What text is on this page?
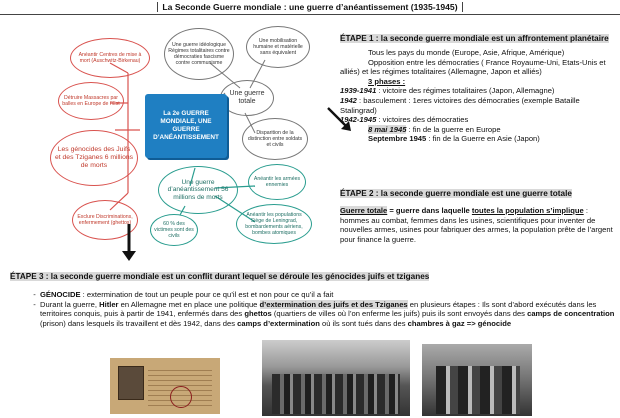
La Seconde Guerre mondiale : une guerre d’anéantissement (1935-1945)
Anéantir Centres de mise à mort (Auschwitz-Birkenau)
Détruire Massacres par balles en Europe de l’Est
Les génocides des Juifs et des Tziganes 6 millions de morts
Exclure Discriminations, enfermement (ghettos)
Une guerre idéologique Régimes totalitaires contre démocraties fascisme contre communisme
Une mobilisation humaine et matérielle sans équivalent
Une guerre totale
Disparition de la distinction entre soldats et civils
La 2e GUERRE MONDIALE, UNE GUERRE D’ANÉANTISSEMENT
Une guerre d’anéantissement 56 millions de morts
Anéantir les armées ennemies
Anéantir les populations Siège de Leningrad, bombardements aériens, bombes atomiques
60 % des victimes sont des civils
ÉTAPE 1 : la seconde guerre mondiale est un affrontement planétaire
Tous les pays du monde (Europe, Asie, Afrique, Amérique)
Opposition entre les démocraties ( France Royaume-Uni, Etats-Unis et alliés) et les régimes totalitaires (Allemagne, Japon et alliés)
3 phases :
1939-1941 : victoire des régimes totalitaires (Japon, Allemagne)
1942 : basculement : 1eres victoires des démocraties (exemple Bataille Stalingrad)
1942-1945 : victoires des démocraties
8 mai 1945 : fin de la guerre en Europe
Septembre 1945 : fin de la Guerre en Asie (Japon)
ÉTAPE 2 : la seconde guerre mondiale est une guerre totale
Guerre totale = guerre dans laquelle toutes la population s’implique : hommes au combat, femmes dans les usines, scientifiques pour inventer de nouvelles armes, usines pour fabriquer des armes, la population prête de l’argent pour finance la guerre.
ÉTAPE 3 : la seconde guerre mondiale est un conflit durant lequel se déroule les génocides juifs et tziganes
- GÉNOCIDE : extermination de tout un peuple pour ce qu’il est et non pour ce qu’il a fait
- Durant la guerre, Hitler en Allemagne met en place une politique d’extermination des juifs et des Tziganes en plusieurs étapes : Ils sont d’abord exécutés dans les territoires conquis, puis à partir de 1941, enfermés dans des ghettos (quartiers de villes où l’on enferme les juifs) puis ils sont envoyés dans des camps de concentration (prison) dans lesquels ils travaillent et dès 1942, dans des camps d’extermination où ils sont tués dans des chambres à gaz => génocide
